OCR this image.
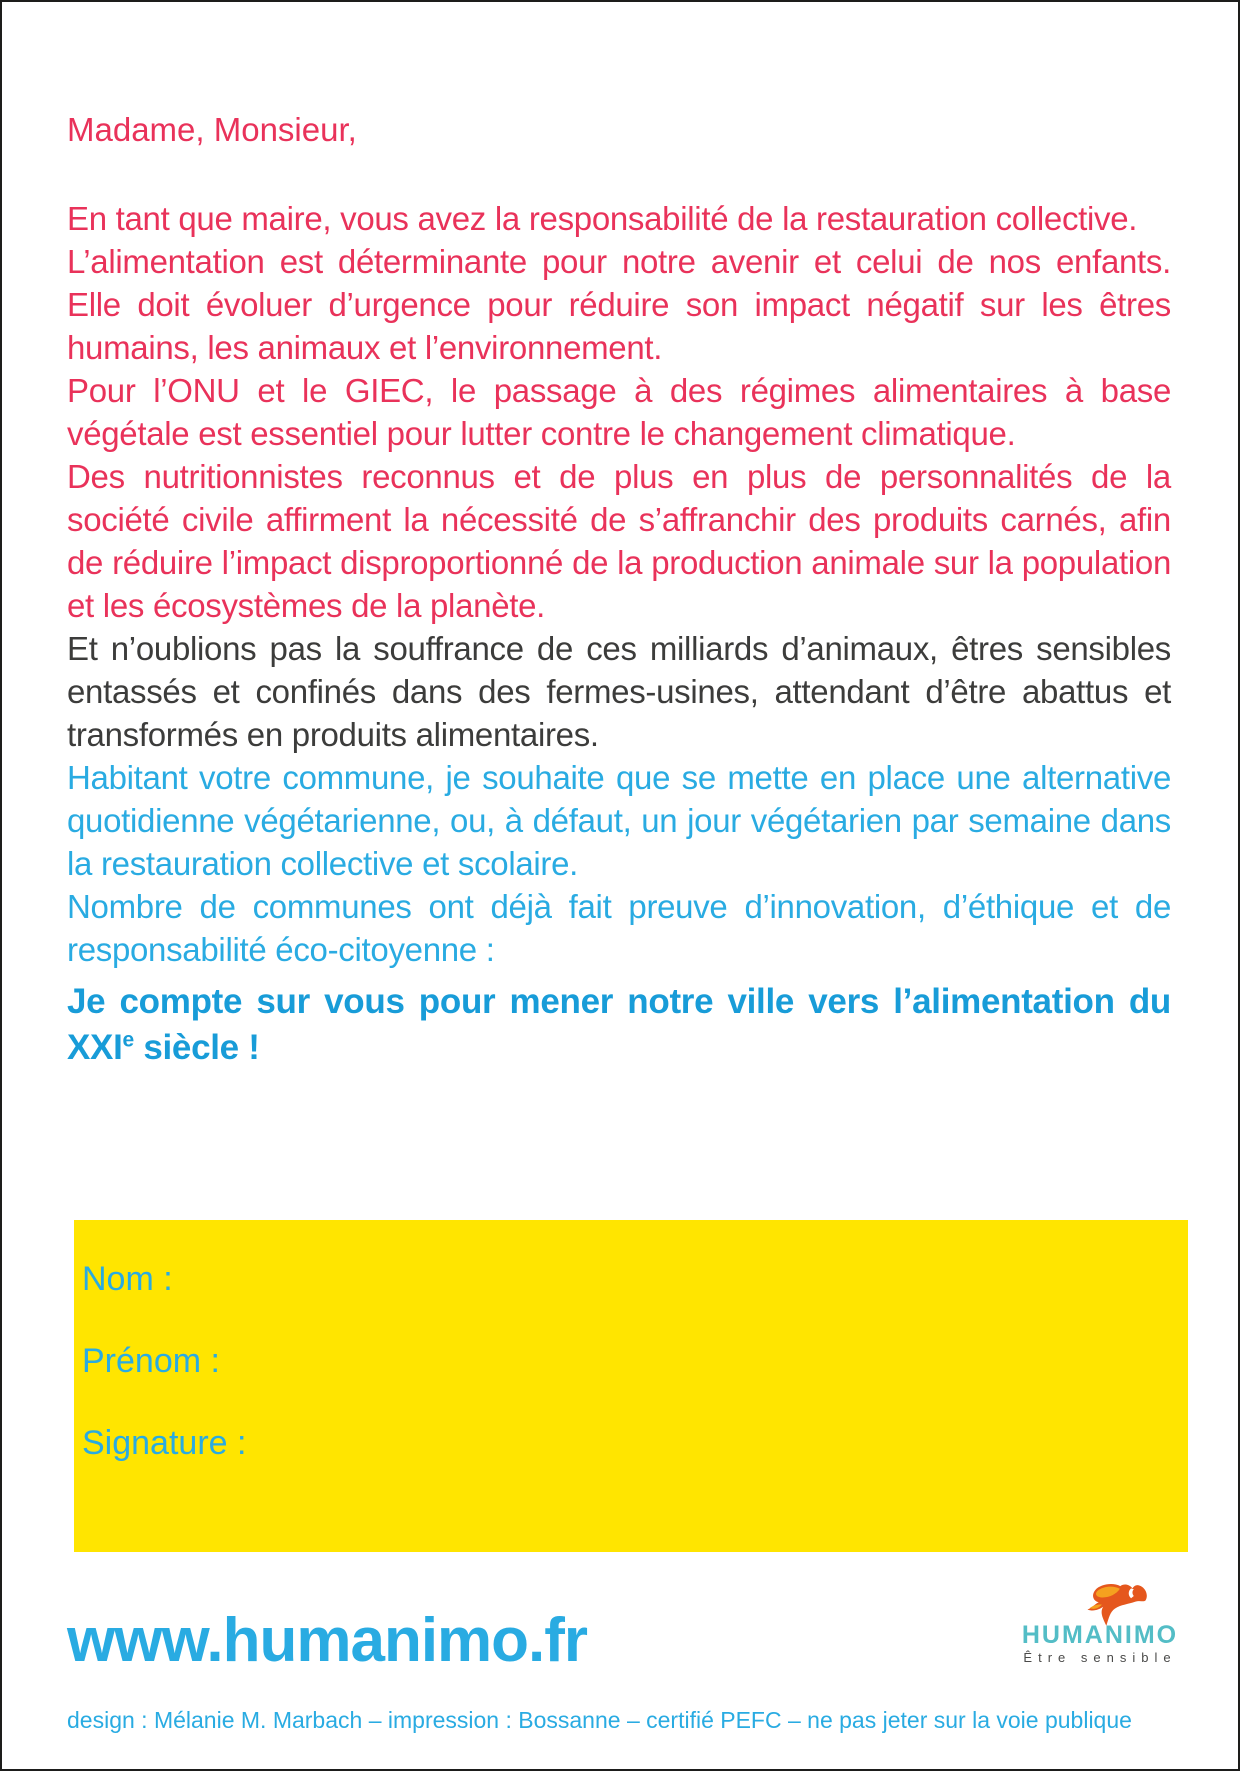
Madame, Monsieur,

En tant que maire, vous avez la responsabilité de la restauration collective.

L’alimentation est déterminante pour notre avenir et celui de nos enfants. Elle doit évoluer d’urgence pour réduire son impact négatif sur les êtres humains, les animaux et l’environnement.

Pour l’ONU et le GIEC, le passage à des régimes alimentaires à base végétale est essentiel pour lutter contre le changement climatique.

Des nutritionnistes reconnus et de plus en plus de personnalités de la société civile affirment la nécessité de s’affranchir des produits carnés, afin de réduire l’impact disproportionné de la production animale sur la population et les écosystèmes de la planète.

Et n’oublions pas la souffrance de ces milliards d’animaux, êtres sensibles entassés et confinés dans des fermes-usines, attendant d’être abattus et transformés en produits alimentaires.

Habitant votre commune, je souhaite que se mette en place une alternative quotidienne végétarienne, ou, à défaut, un jour végétarien par semaine dans la restauration collective et scolaire.

Nombre de communes ont déjà fait preuve d’innovation, d’éthique et de responsabilité éco-citoyenne :

Je compte sur vous pour mener notre ville vers l’alimentation du XXIe siècle !

Nom :
Prénom :
Signature :
www.humanimo.fr	HUMANIMO
Être sensible
design : Mélanie M. Marbach – impression : Bossanne – certifié PEFC – ne pas jeter sur la voie publique
